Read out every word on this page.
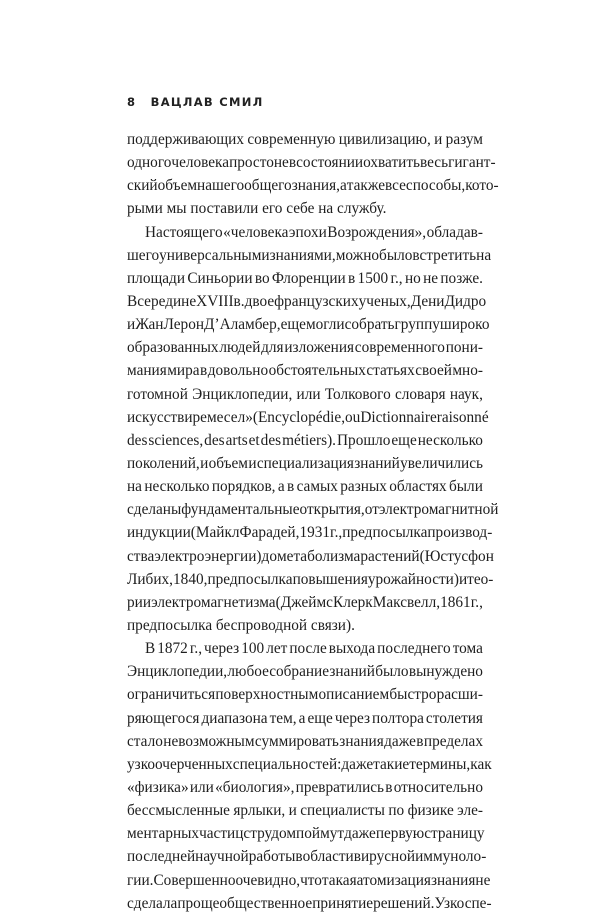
8 ВАЦЛАВ СМИЛ
поддерживающих современную цивилизацию, и разум
одного человека просто не в состоянии охватить весь гигант-
ский объем нашего общего знания, а также все способы, кото-
рыми мы поставили его себе на службу.
Настоящего «человека эпохи Возрождения», обладав-
шего универсальными знаниями, можно было встретить на
площади Синьории во Флоренции в 1500 г., но не позже.
В середине XVIII в. двое французских ученых, Дени Дидро
и Жан Лерон Д’Аламбер, еще могли собрать группу широко
образованных людей для изложения современного пони-
мания мира в довольно обстоятельных статьях своей мно-
готомной Энциклопедии, или Толкового словаря наук,
искусств и ремесел» (Encyclopédie, ou Dictionnaire raisonné
des sciences, des arts et des métiers). Прошло еще несколько
поколений, и объем и специализация знаний увеличились
на несколько порядков, а в самых разных областях были
сделаны фундаментальные открытия, от электромагнитной
индукции (Майкл Фарадей, 1931 г., предпосылка производ-
ства электроэнергии) до метаболизма растений (Юстус фон
Либих, 1840, предпосылка повышения урожайности) и тео-
рии электромагнетизма (Джеймс Клерк Максвелл, 1861 г.,
предпосылка беспроводной связи).
В 1872 г., через 100 лет после выхода последнего тома
Энциклопедии, любое собрание знаний было вынуждено
ограничиться поверхностным описанием быстро расши-
ряющегося диапазона тем, а еще через полтора столетия
стало невозможным суммировать знания даже в пределах
узко очерченных специальностей: даже такие термины, как
«физика» или «биология», превратились в относительно
бессмысленные ярлыки, и специалисты по физике эле-
ментарных частиц с трудом поймут даже первую страницу
последней научной работы в области вирусной иммуноло-
гии. Совершенно очевидно, что такая атомизация знания не
сделала проще общественное принятие решений. Узкоспе-
